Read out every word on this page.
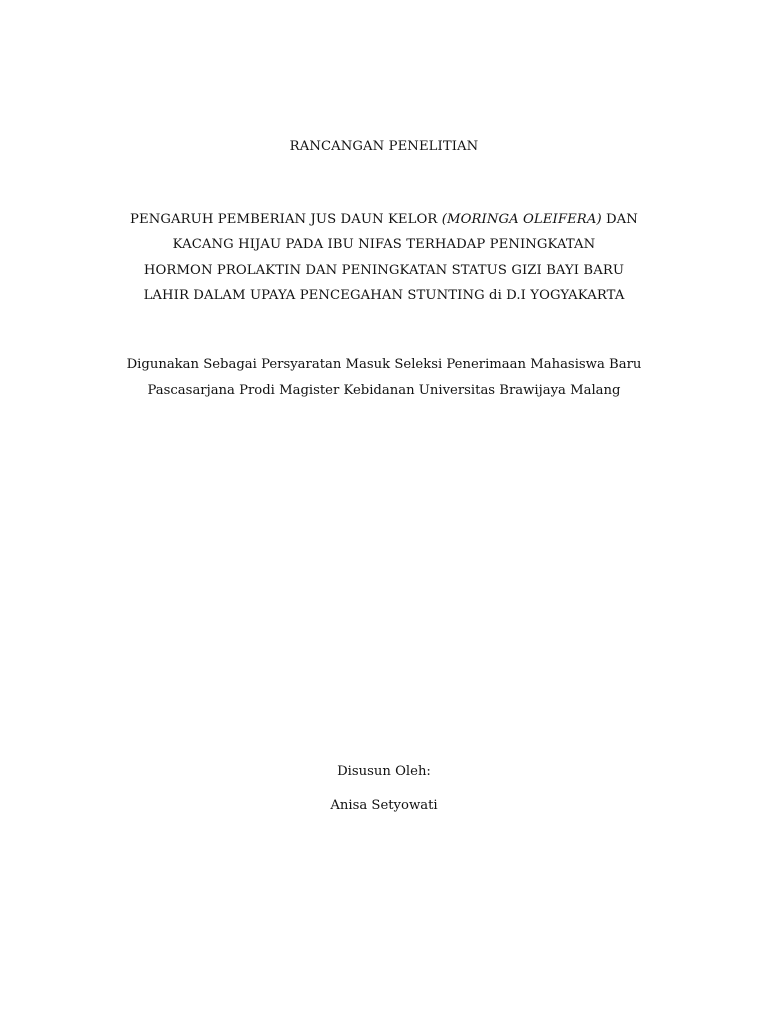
RANCANGAN PENELITIAN
PENGARUH PEMBERIAN JUS DAUN KELOR (MORINGA OLEIFERA) DAN
KACANG HIJAU PADA IBU NIFAS TERHADAP PENINGKATAN
HORMON PROLAKTIN DAN PENINGKATAN STATUS GIZI BAYI BARU
LAHIR DALAM UPAYA PENCEGAHAN STUNTING di D.I YOGYAKARTA
Digunakan Sebagai Persyaratan Masuk Seleksi Penerimaan Mahasiswa Baru
Pascasarjana Prodi Magister Kebidanan Universitas Brawijaya Malang
Disusun Oleh:
Anisa Setyowati
